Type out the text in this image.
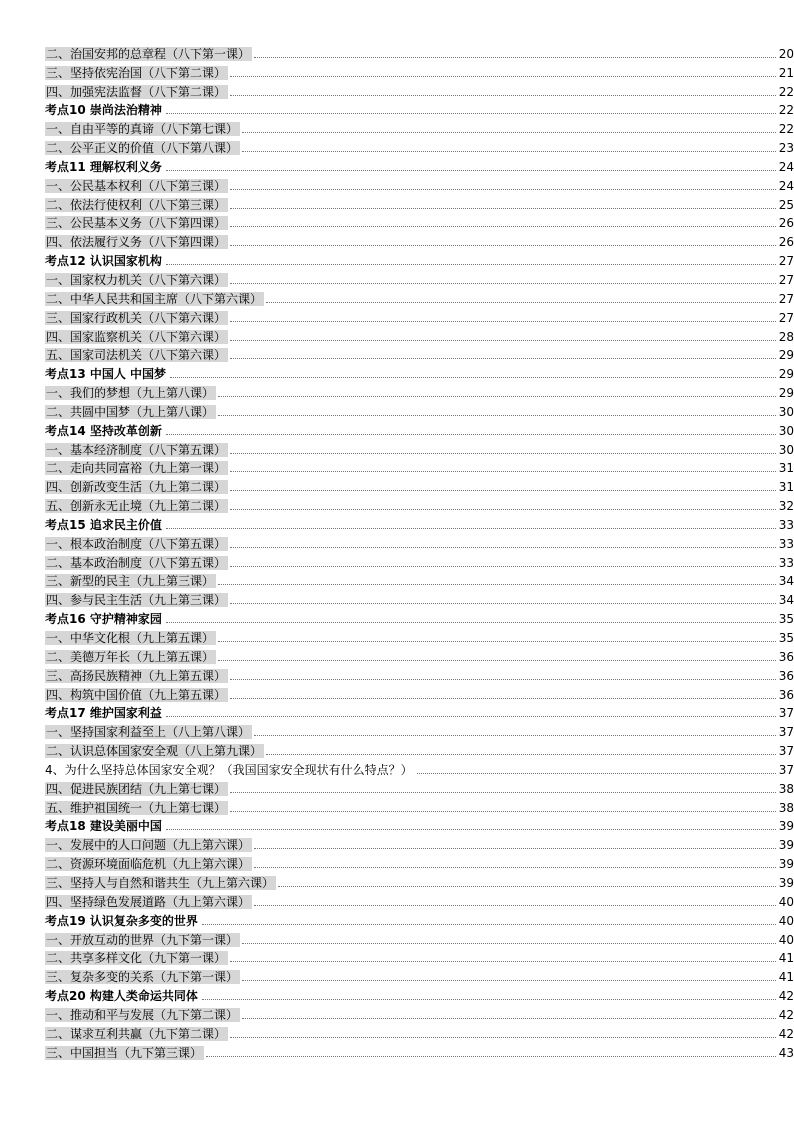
二、治国安邦的总章程（八下第一课）	20
三、坚持依宪治国（八下第二课）	21
四、加强宪法监督（八下第二课）	22
考点10 崇尚法治精神	22
一、自由平等的真谛（八下第七课）	22
二、公平正义的价值（八下第八课）	23
考点11 理解权利义务	24
一、公民基本权利（八下第三课）	24
二、依法行使权利（八下第三课）	25
三、公民基本义务（八下第四课）	26
四、依法履行义务（八下第四课）	26
考点12 认识国家机构	27
一、国家权力机关（八下第六课）	27
二、中华人民共和国主席（八下第六课）	27
三、国家行政机关（八下第六课）	27
四、国家监察机关（八下第六课）	28
五、国家司法机关（八下第六课）	29
考点13 中国人 中国梦	29
一、我们的梦想（九上第八课）	29
二、共圆中国梦（九上第八课）	30
考点14 坚持改革创新	30
一、基本经济制度（八下第五课）	30
二、走向共同富裕（九上第一课）	31
四、创新改变生活（九上第二课）	31
五、创新永无止境（九上第二课）	32
考点15 追求民主价值	33
一、根本政治制度（八下第五课）	33
二、基本政治制度（八下第五课）	33
三、新型的民主（九上第三课）	34
四、参与民主生活（九上第三课）	34
考点16 守护精神家园	35
一、中华文化根（九上第五课）	35
二、美德万年长（九上第五课）	36
三、高扬民族精神（九上第五课）	36
四、构筑中国价值（九上第五课）	36
考点17 维护国家利益	37
一、坚持国家利益至上（八上第八课）	37
二、认识总体国家安全观（八上第九课）	37
4、为什么坚持总体国家安全观？（我国国家安全现状有什么特点？）	37
四、促进民族团结（九上第七课）	38
五、维护祖国统一（九上第七课）	38
考点18 建设美丽中国	39
一、发展中的人口问题（九上第六课）	39
二、资源环境面临危机（九上第六课）	39
三、坚持人与自然和谐共生（九上第六课）	39
四、坚持绿色发展道路（九上第六课）	40
考点19 认识复杂多变的世界	40
一、开放互动的世界（九下第一课）	40
二、共享多样文化（九下第一课）	41
三、复杂多变的关系（九下第一课）	41
考点20 构建人类命运共同体	42
一、推动和平与发展（九下第二课）	42
二、谋求互利共赢（九下第二课）	42
三、中国担当（九下第三课）	43
